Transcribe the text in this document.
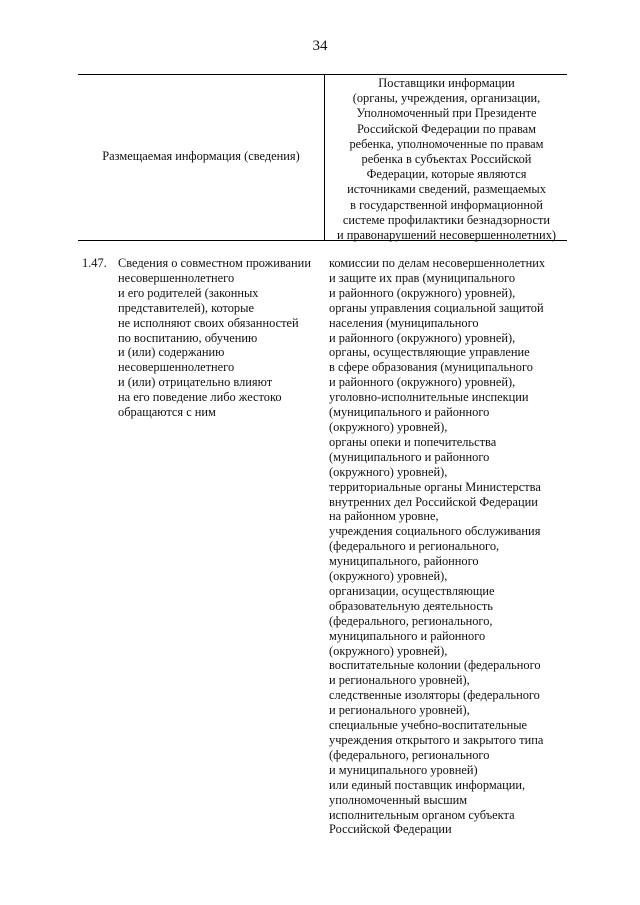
34
Размещаемая информация (сведения)
Поставщики информации
(органы, учреждения, организации,
Уполномоченный при Президенте
Российской Федерации по правам
ребенка, уполномоченные по правам
ребенка в субъектах Российской
Федерации, которые являются
источниками сведений, размещаемых
в государственной информационной
системе профилактики безнадзорности
и правонарушений несовершеннолетних)
1.47. Сведения о совместном проживании
несовершеннолетнего
и его родителей (законных
представителей), которые
не исполняют своих обязанностей
по воспитанию, обучению
и (или) содержанию
несовершеннолетнего
и (или) отрицательно влияют
на его поведение либо жестоко
обращаются с ним
комиссии по делам несовершеннолетних
и защите их прав (муниципального
и районного (окружного) уровней),
органы управления социальной защитой
населения (муниципального
и районного (окружного) уровней),
органы, осуществляющие управление
в сфере образования (муниципального
и районного (окружного) уровней),
уголовно-исполнительные инспекции
(муниципального и районного
(окружного) уровней),
органы опеки и попечительства
(муниципального и районного
(окружного) уровней),
территориальные органы Министерства
внутренних дел Российской Федерации
на районном уровне,
учреждения социального обслуживания
(федерального и регионального,
муниципального, районного
(окружного) уровней),
организации, осуществляющие
образовательную деятельность
(федерального, регионального,
муниципального и районного
(окружного) уровней),
воспитательные колонии (федерального
и регионального уровней),
следственные изоляторы (федерального
и регионального уровней),
специальные учебно-воспитательные
учреждения открытого и закрытого типа
(федерального, регионального
и муниципального уровней)
или единый поставщик информации,
уполномоченный высшим
исполнительным органом субъекта
Российской Федерации
